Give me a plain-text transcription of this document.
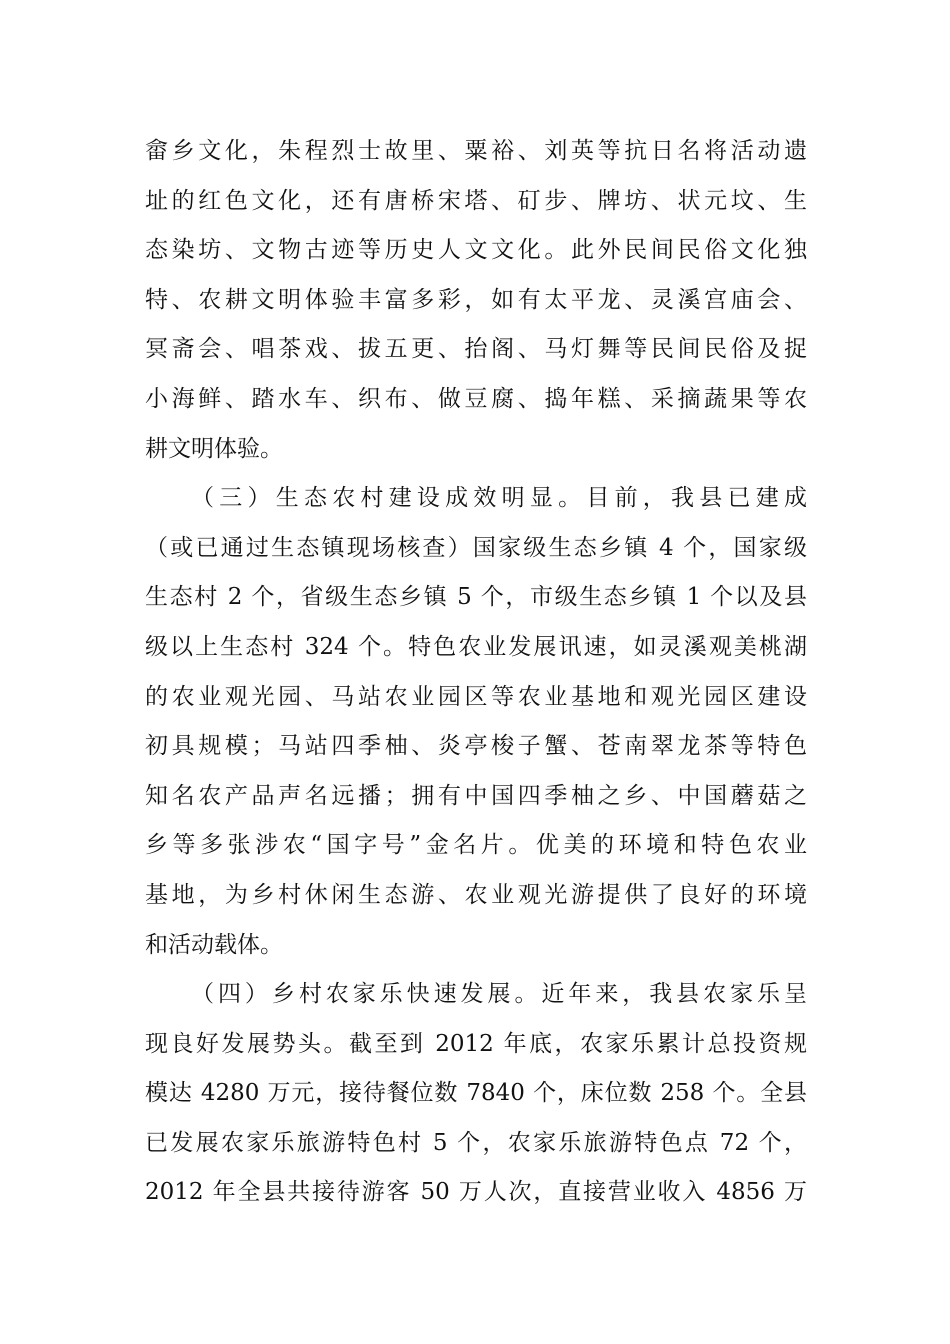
畲乡文化，朱程烈士故里、粟裕、刘英等抗日名将活动遗
址的红色文化，还有唐桥宋塔、矴步、牌坊、状元坟、生
态染坊、文物古迹等历史人文文化。此外民间民俗文化独
特、农耕文明体验丰富多彩，如有太平龙、灵溪宫庙会、
冥斋会、唱茶戏、拔五更、抬阁、马灯舞等民间民俗及捉
小海鲜、踏水车、织布、做豆腐、捣年糕、采摘蔬果等农
耕文明体验。
（三）生态农村建设成效明显。目前，我县已建成
（或已通过生态镇现场核查）国家级生态乡镇 4 个，国家级
生态村 2 个，省级生态乡镇 5 个，市级生态乡镇 1 个以及县
级以上生态村 324 个。特色农业发展讯速，如灵溪观美桃湖
的农业观光园、马站农业园区等农业基地和观光园区建设
初具规模；马站四季柚、炎亭梭子蟹、苍南翠龙茶等特色
知名农产品声名远播；拥有中国四季柚之乡、中国蘑菇之
乡等多张涉农“国字号”金名片。优美的环境和特色农业
基地，为乡村休闲生态游、农业观光游提供了良好的环境
和活动载体。
（四）乡村农家乐快速发展。近年来，我县农家乐呈
现良好发展势头。截至到 2012 年底，农家乐累计总投资规
模达 4280 万元，接待餐位数 7840 个，床位数 258 个。全县
已发展农家乐旅游特色村 5 个，农家乐旅游特色点 72 个，
2012 年全县共接待游客 50 万人次，直接营业收入 4856 万
